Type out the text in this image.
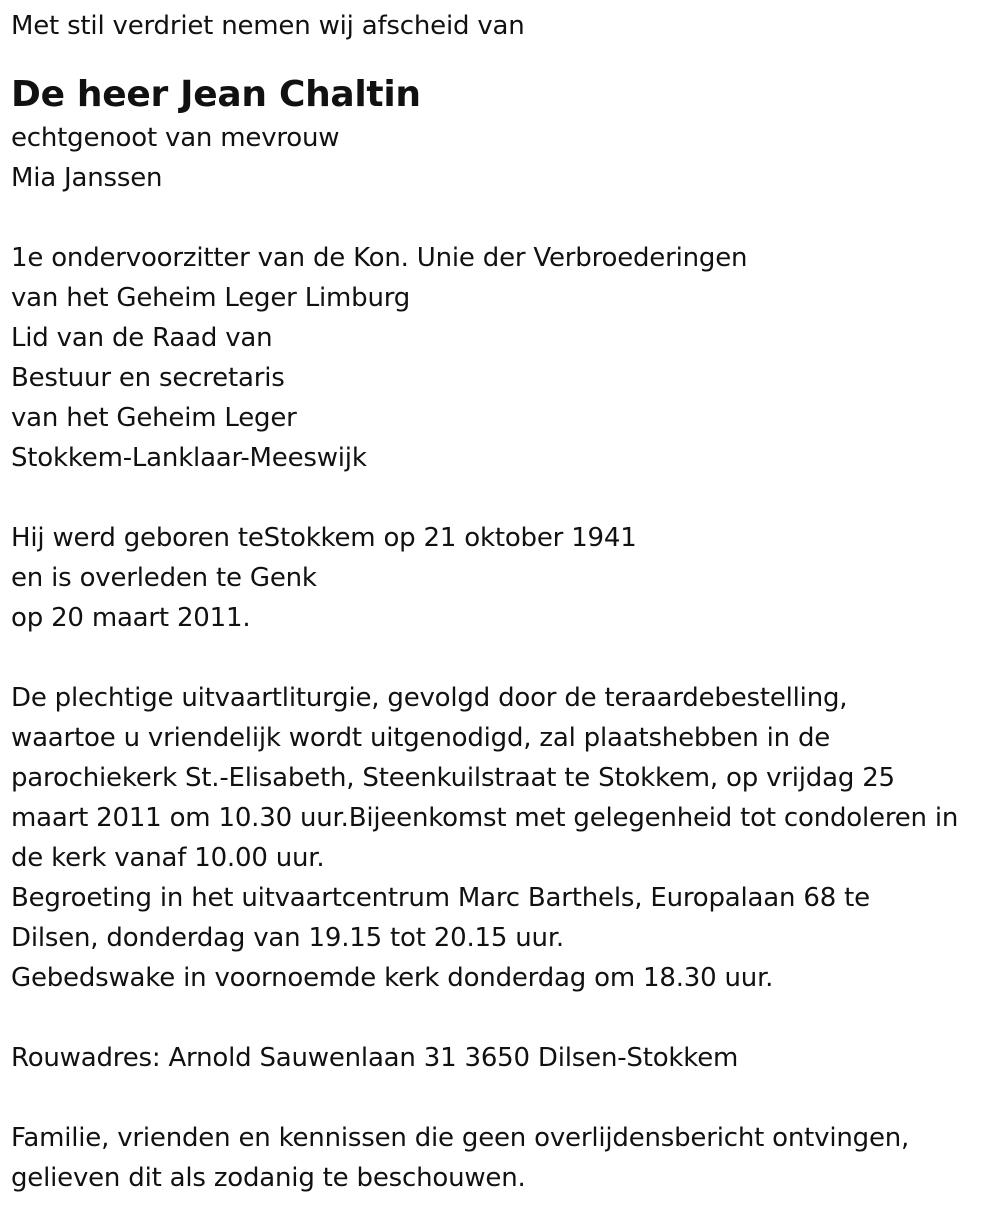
Met stil verdriet nemen wij afscheid van
De heer Jean Chaltin
echtgenoot van mevrouw
Mia Janssen
1e ondervoorzitter van de Kon. Unie der Verbroederingen
van het Geheim Leger Limburg
Lid van de Raad van
Bestuur en secretaris
van het Geheim Leger
Stokkem-Lanklaar-Meeswijk
Hij werd geboren teStokkem op 21 oktober 1941
en is overleden te Genk
op 20 maart 2011.
De plechtige uitvaartliturgie, gevolgd door de teraardebestelling,
waartoe u vriendelijk wordt uitgenodigd, zal plaatshebben in de
parochiekerk St.-Elisabeth, Steenkuilstraat te Stokkem, op vrijdag 25
maart 2011 om 10.30 uur.Bijeenkomst met gelegenheid tot condoleren in
de kerk vanaf 10.00 uur.
Begroeting in het uitvaartcentrum Marc Barthels, Europalaan 68 te
Dilsen, donderdag van 19.15 tot 20.15 uur.
Gebedswake in voornoemde kerk donderdag om 18.30 uur.
Rouwadres: Arnold Sauwenlaan 31 3650 Dilsen-Stokkem
Familie, vrienden en kennissen die geen overlijdensbericht ontvingen,
gelieven dit als zodanig te beschouwen.
